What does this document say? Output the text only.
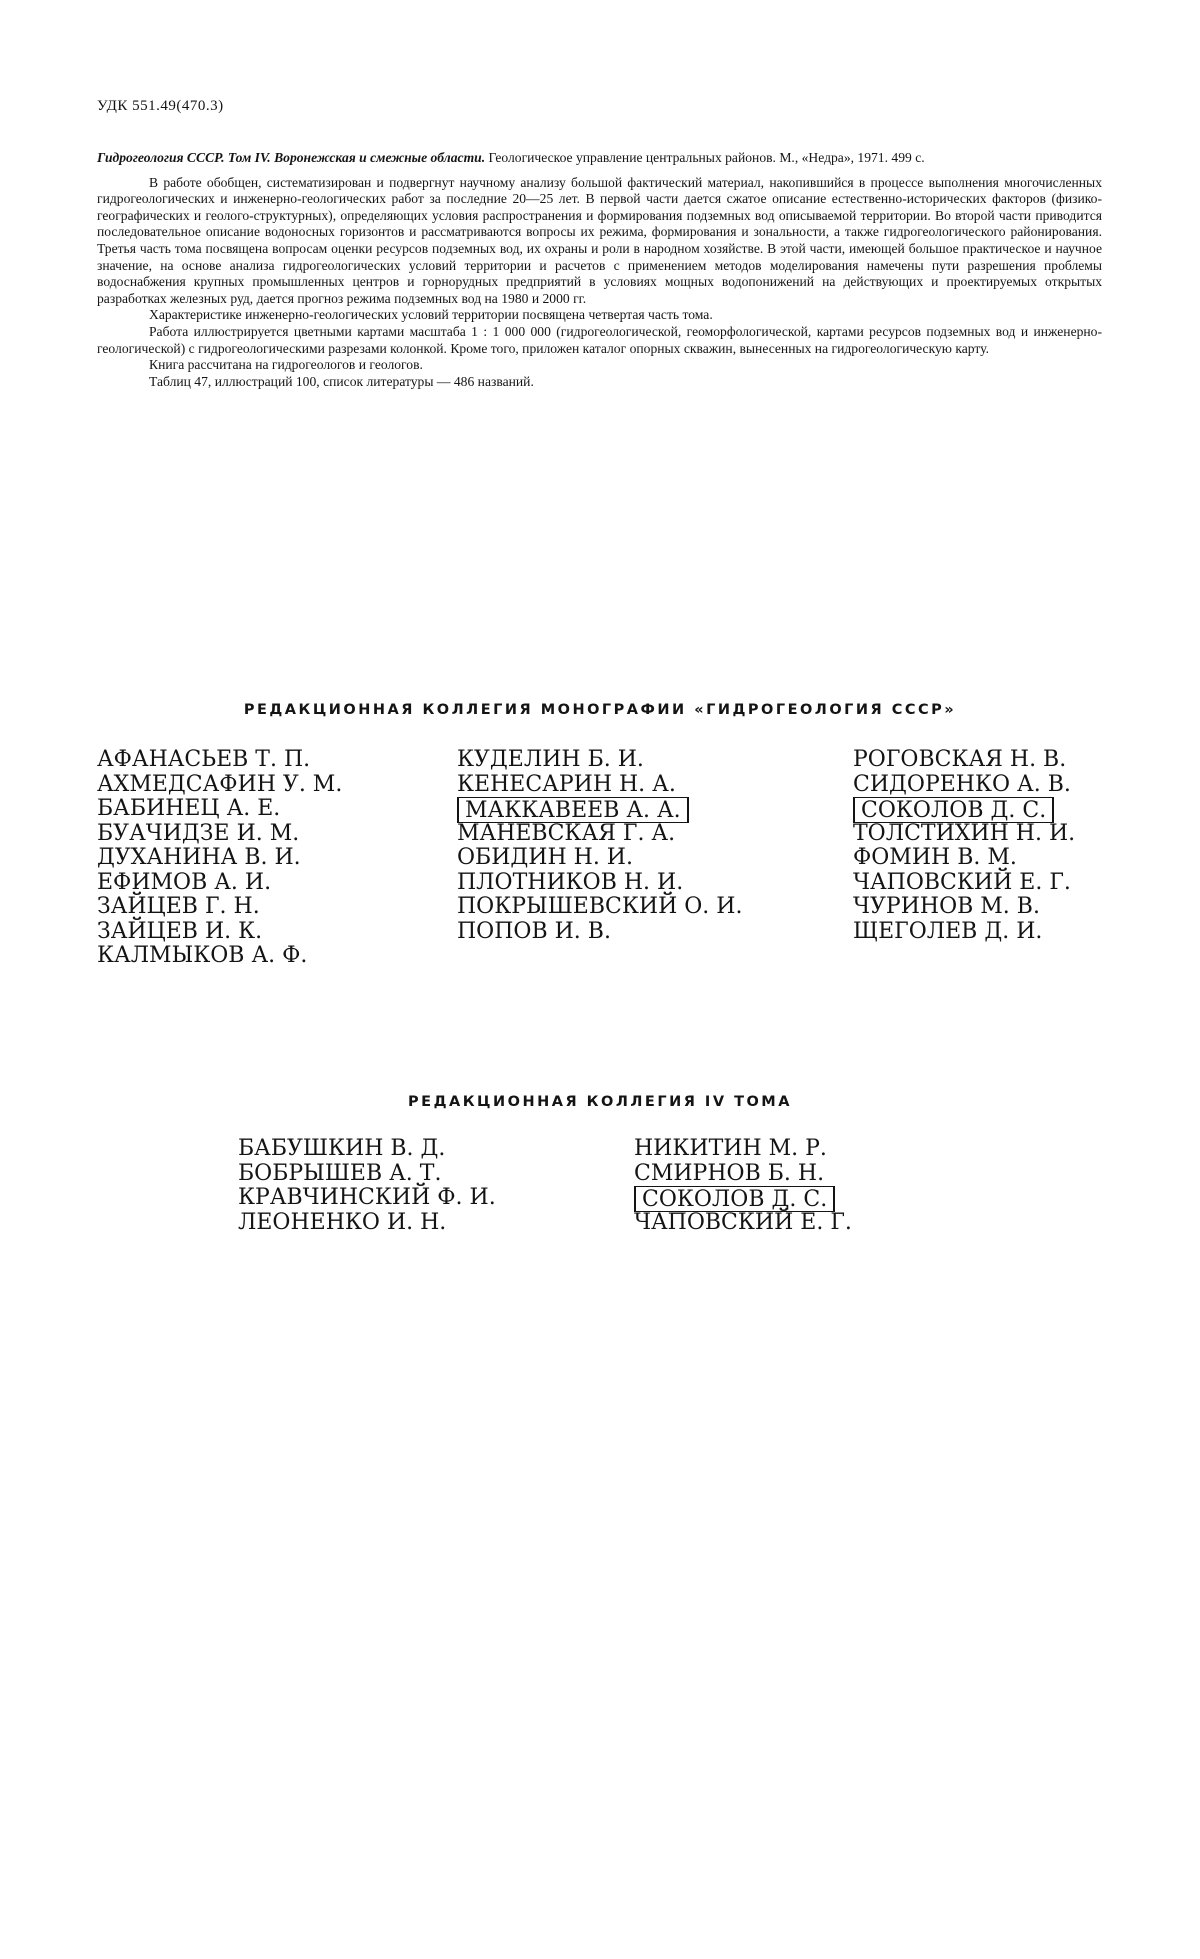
УДК 551.49(470.3)

Гидрогеология СССР. Том IV. Воронежская и смежные области. Геологическое управление центральных районов. М., «Недра», 1971. 499 с.

В работе обобщен, систематизирован и подвергнут научному анализу большой фактический материал, накопившийся в процессе выполнения многочисленных гидрогеологических и инженерно-геологических работ за последние 20—25 лет. В первой части дается сжатое описание естественно-исторических факторов (физико-географических и геолого-структурных), определяющих условия распространения и формирования подземных вод описываемой территории. Во второй части приводится последовательное описание водоносных горизонтов и рассматриваются вопросы их режима, формирования и зональности, а также гидрогеологического районирования. Третья часть тома посвящена вопросам оценки ресурсов подземных вод, их охраны и роли в народном хозяйстве. В этой части, имеющей большое практическое и научное значение, на основе анализа гидрогеологических условий территории и расчетов с применением методов моделирования намечены пути разрешения проблемы водоснабжения крупных промышленных центров и горнорудных предприятий в условиях мощных водопонижений на действующих и проектируемых открытых разработках железных руд, дается прогноз режима подземных вод на 1980 и 2000 гг.

Характеристике инженерно-геологических условий территории посвящена четвертая часть тома.

Работа иллюстрируется цветными картами масштаба 1 : 1 000 000 (гидрогеологической, геоморфологической, картами ресурсов подземных вод и инженерно-геологической) с гидрогеологическими разрезами колонкой. Кроме того, приложен каталог опорных скважин, вынесенных на гидрогеологическую карту.

Книга рассчитана на гидрогеологов и геологов.

Таблиц 47, иллюстраций 100, список литературы — 486 названий.

РЕДАКЦИОННАЯ КОЛЛЕГИЯ МОНОГРАФИИ «ГИДРОГЕОЛОГИЯ СССР»
АФАНАСЬЕВ Т. П.
АХМЕДСАФИН У. М.
БАБИНЕЦ А. Е.
БУАЧИДЗЕ И. М.
ДУХАНИНА В. И.
ЕФИМОВ А. И.
ЗАЙЦЕВ Г. Н.
ЗАЙЦЕВ И. К.
КАЛМЫКОВ А. Ф.
КУДЕЛИН Б. И.
КЕНЕСАРИН Н. А.
МАККАВЕЕВ А. А.
МАНЕВСКАЯ Г. А.
ОБИДИН Н. И.
ПЛОТНИКОВ Н. И.
ПОКРЫШЕВСКИЙ О. И.
ПОПОВ И. В.
РОГОВСКАЯ Н. В.
СИДОРЕНКО А. В.
СОКОЛОВ Д. С.
ТОЛСТИХИН Н. И.
ФОМИН В. М.
ЧАПОВСКИЙ Е. Г.
ЧУРИНОВ М. В.
ЩЕГОЛЕВ Д. И.
РЕДАКЦИОННАЯ КОЛЛЕГИЯ IV ТОМА
БАБУШКИН В. Д.
БОБРЫШЕВ А. Т.
КРАВЧИНСКИЙ Ф. И.
ЛЕОНЕНКО И. Н.
НИКИТИН М. Р.
СМИРНОВ Б. Н.
СОКОЛОВ Д. С.
ЧАПОВСКИЙ Е. Г.
